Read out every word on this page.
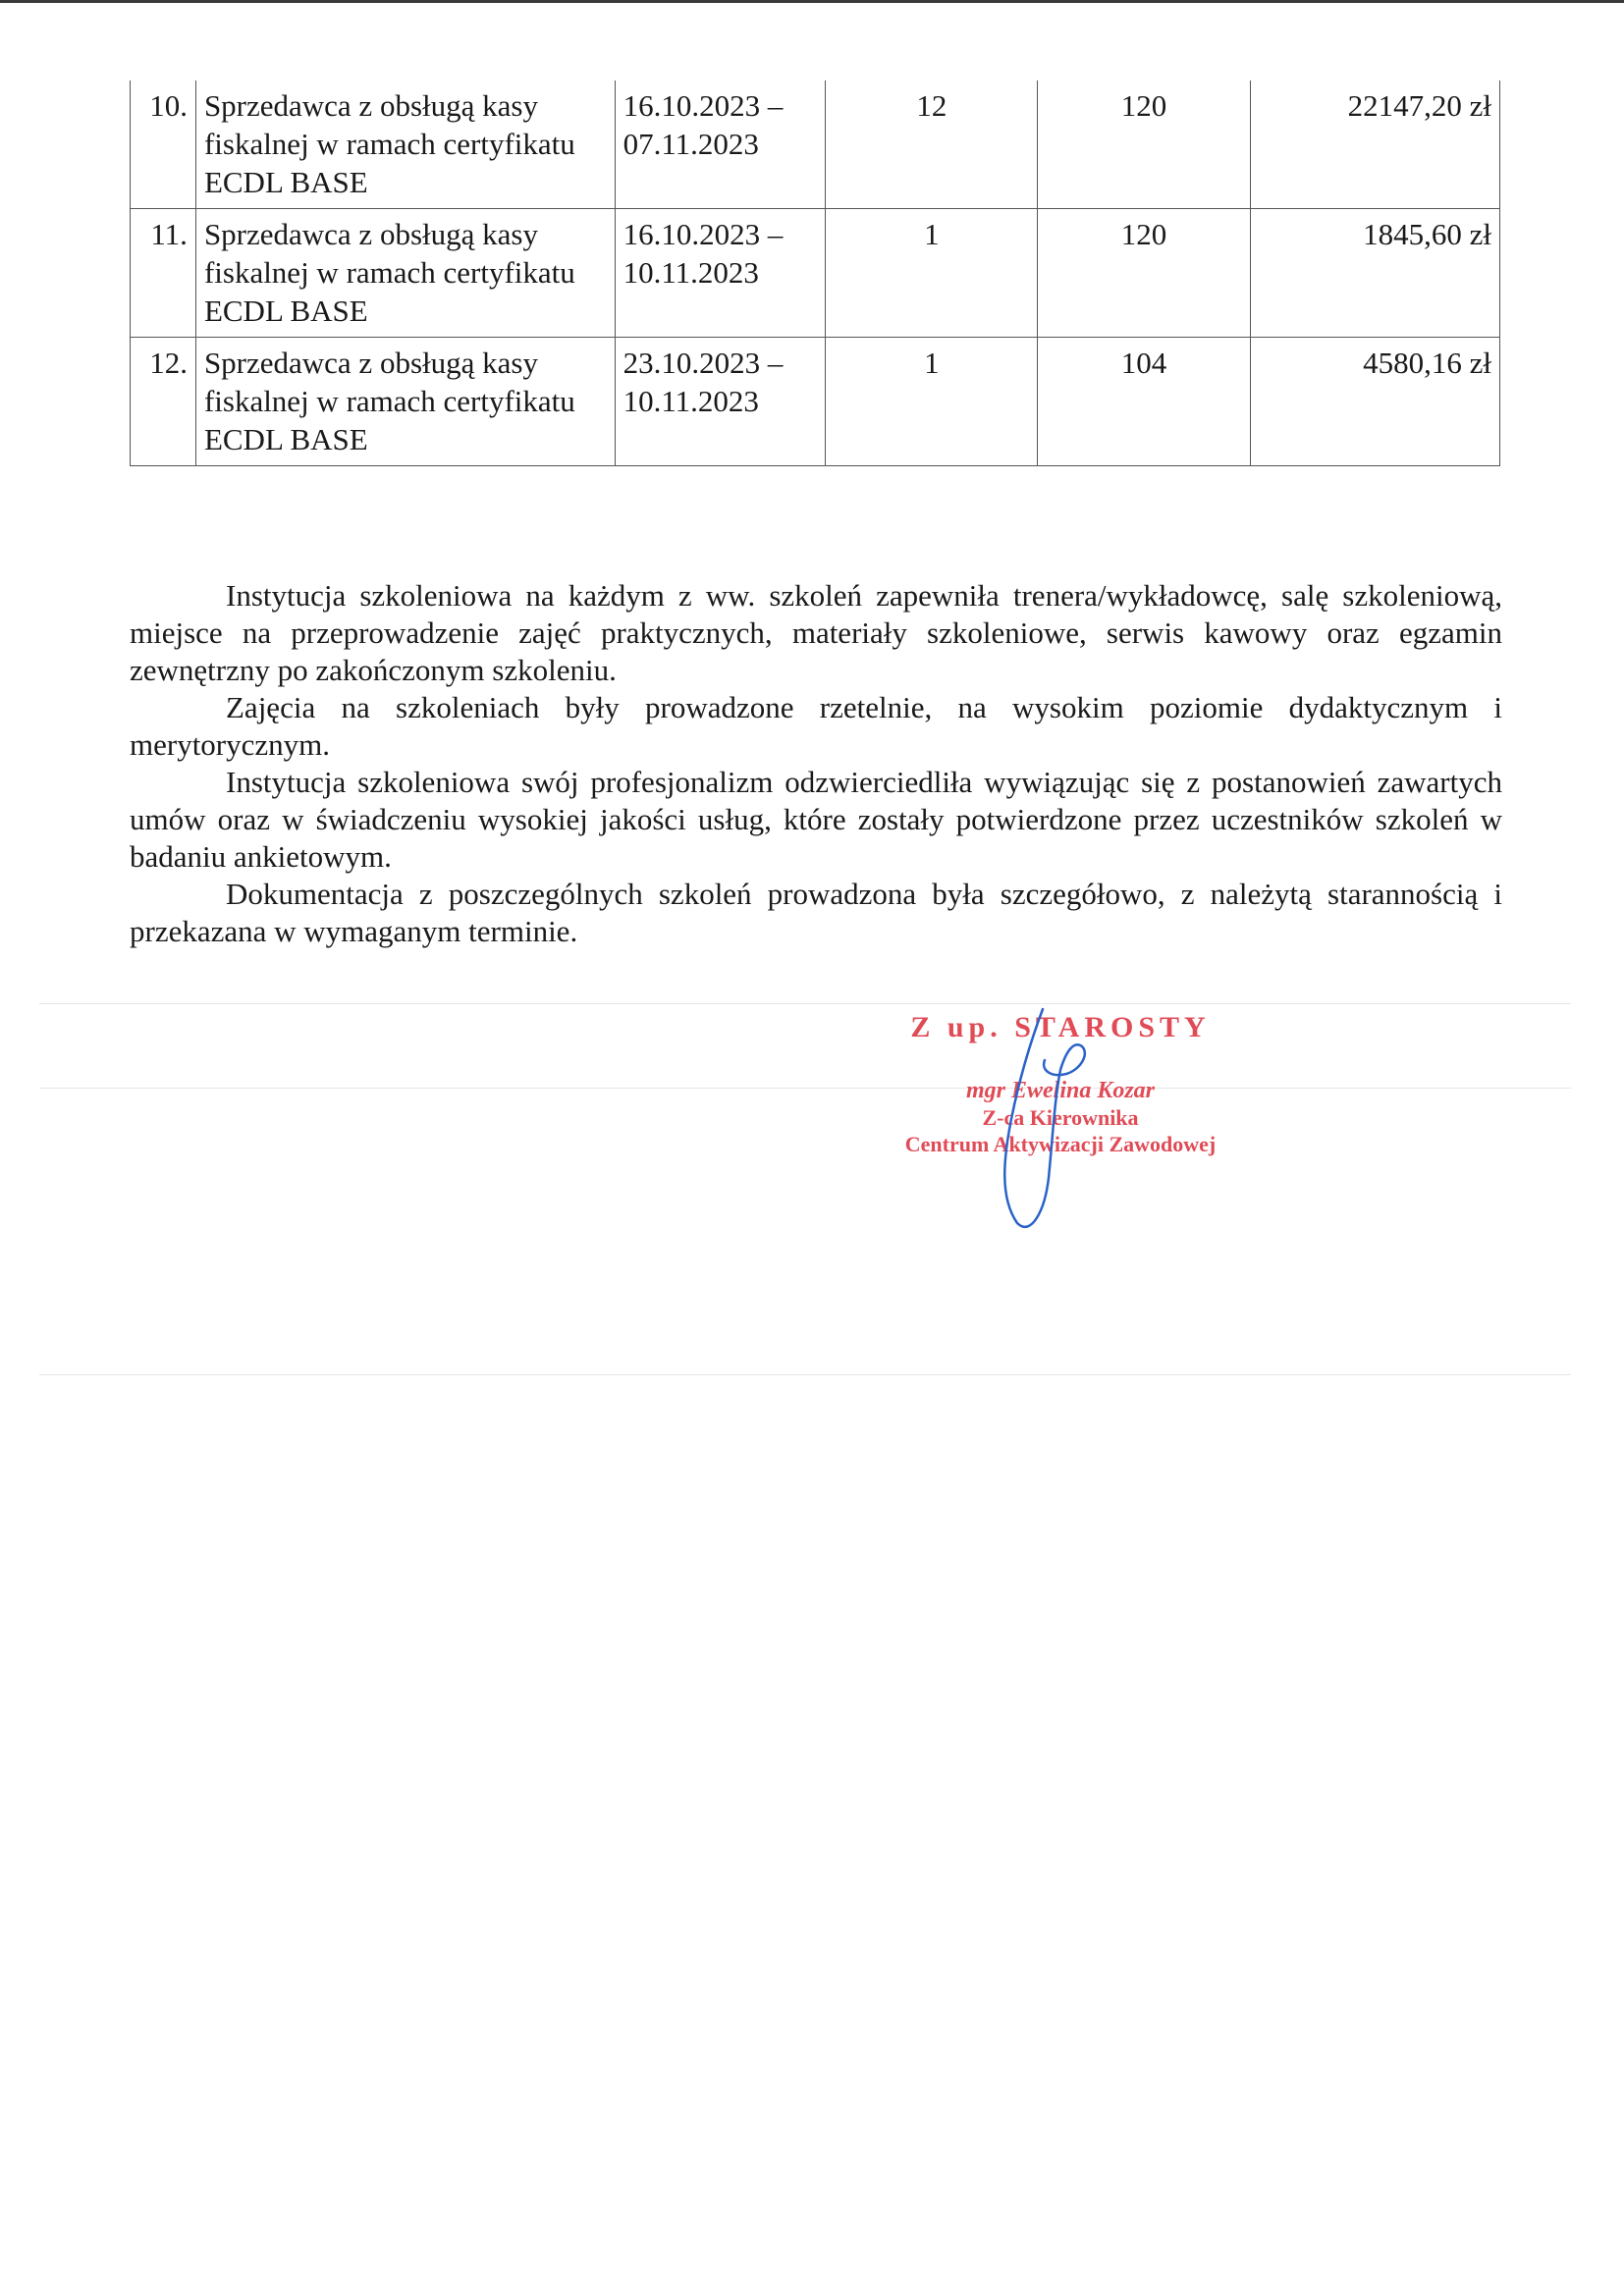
10.	Sprzedawca z obsługą kasy fiskalnej w ramach certyfikatu ECDL BASE	16.10.2023 – 07.11.2023	12	120	22147,20 zł
11.	Sprzedawca z obsługą kasy fiskalnej w ramach certyfikatu ECDL BASE	16.10.2023 – 10.11.2023	1	120	1845,60 zł
12.	Sprzedawca z obsługą kasy fiskalnej w ramach certyfikatu ECDL BASE	23.10.2023 – 10.11.2023	1	104	4580,16 zł

Instytucja szkoleniowa na każdym z ww. szkoleń zapewniła trenera/wykładowcę, salę szkoleniową, miejsce na przeprowadzenie zajęć praktycznych, materiały szkoleniowe, serwis kawowy oraz egzamin zewnętrzny po zakończonym szkoleniu.

Zajęcia na szkoleniach były prowadzone rzetelnie, na wysokim poziomie dydaktycznym i merytorycznym.

Instytucja szkoleniowa swój profesjonalizm odzwierciedliła wywiązując się z postanowień zawartych umów oraz w świadczeniu wysokiej jakości usług, które zostały potwierdzone przez uczestników szkoleń w badaniu ankietowym.

Dokumentacja z poszczególnych szkoleń prowadzona była szczegółowo, z należytą starannością i przekazana w wymaganym terminie.

Z up. STAROSTY
mgr Ewelina Kozar
Z-ca Kierownika
Centrum Aktywizacji Zawodowej
